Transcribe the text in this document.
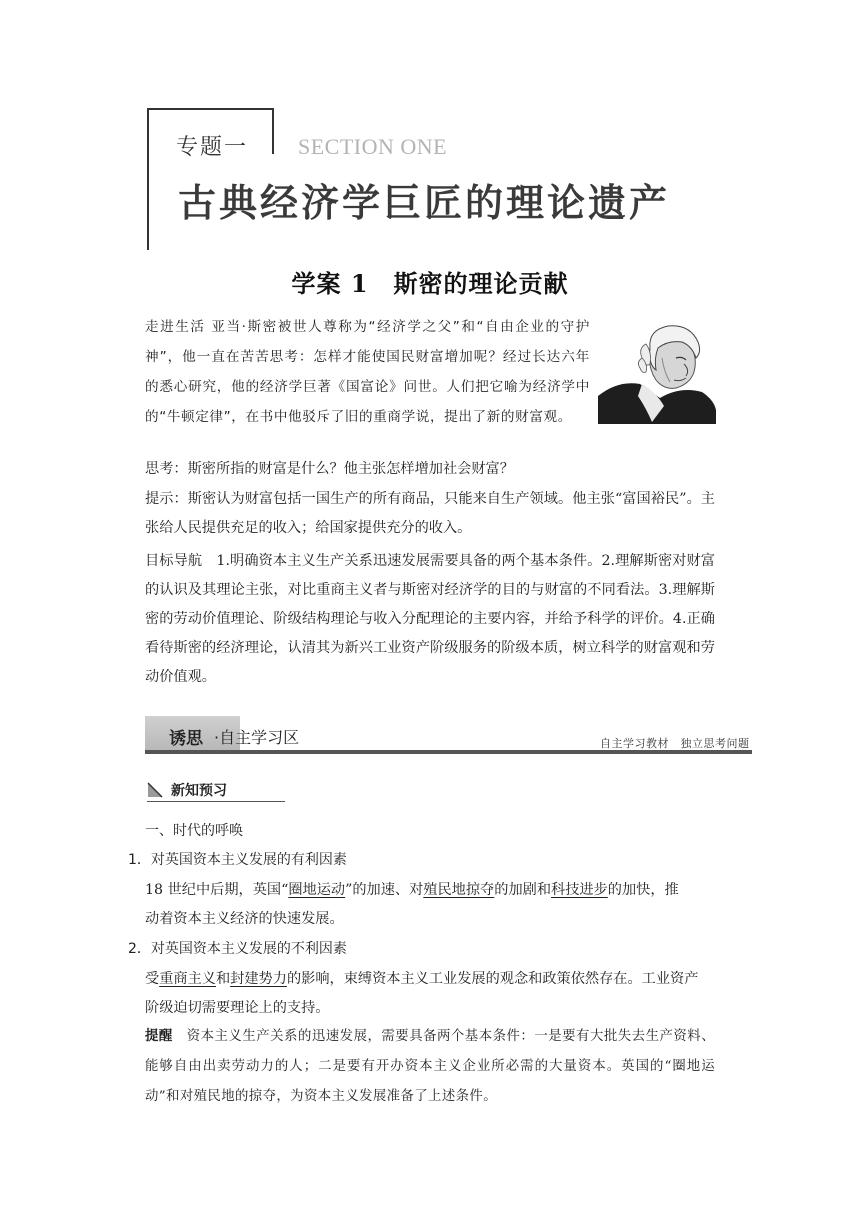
专题一 SECTION ONE
古典经济学巨匠的理论遗产
学案 1　斯密的理论贡献
走进生活 亚当·斯密被世人尊称为“经济学之父”和“自由企业的守护神”，他一直在苦苦思考：怎样才能使国民财富增加呢？经过长达六年的悉心研究，他的经济学巨著《国富论》问世。人们把它喻为经济学中的“牛顿定律”，在书中他驳斥了旧的重商学说，提出了新的财富观。
思考：斯密所指的财富是什么？他主张怎样增加社会财富？
提示：斯密认为财富包括一国生产的所有商品，只能来自生产领域。他主张“富国裕民”。主张给人民提供充足的收入；给国家提供充分的收入。
目标导航　1.明确资本主义生产关系迅速发展需要具备的两个基本条件。2.理解斯密对财富的认识及其理论主张，对比重商主义者与斯密对经济学的目的与财富的不同看法。3.理解斯密的劳动价值理论、阶级结构理论与收入分配理论的主要内容，并给予科学的评价。4.正确看待斯密的经济理论，认清其为新兴工业资产阶级服务的阶级本质，树立科学的财富观和劳动价值观。
诱思 ·自主学习区	自主学习教材　独立思考问题
新知预习
一、时代的呼唤
1．对英国资本主义发展的有利因素
18 世纪中后期，英国“圈地运动”的加速、对殖民地掠夺的加剧和科技进步的加快，推
动着资本主义经济的快速发展。
2．对英国资本主义发展的不利因素
受重商主义和封建势力的影响，束缚资本主义工业发展的观念和政策依然存在。工业资产
阶级迫切需要理论上的支持。
提醒　 资本主义生产关系的迅速发展，需要具备两个基本条件：一是要有大批失去生产资料、能够自由出卖劳动力的人；二是要有开办资本主义企业所必需的大量资本。英国的“圈地运动”和对殖民地的掠夺，为资本主义发展准备了上述条件。
